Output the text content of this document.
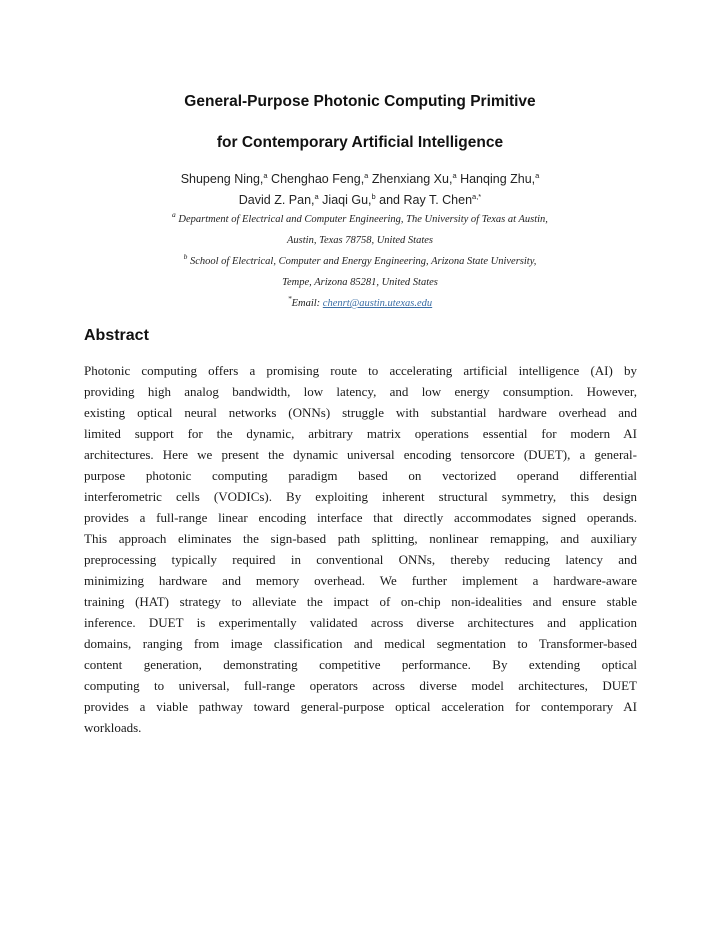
General-Purpose Photonic Computing Primitive
for Contemporary Artificial Intelligence
Shupeng Ning,$^a$ Chenghao Feng,$^a$ Zhenxiang Xu,$^a$ Hanqing Zhu,$^a$
David Z. Pan,$^a$ Jiaqi Gu,$^b$ and Ray T. Chen$^{a,*}$
$^a$ Department of Electrical and Computer Engineering, The University of Texas at Austin,
Austin, Texas 78758, United States
$^b$ School of Electrical, Computer and Energy Engineering, Arizona State University,
Tempe, Arizona 85281, United States
*Email: chenrt@austin.utexas.edu
Abstract
Photonic computing offers a promising route to accelerating artificial intelligence (AI) by
providing high analog bandwidth, low latency, and low energy consumption. However,
existing optical neural networks (ONNs) struggle with substantial hardware overhead and
limited support for the dynamic, arbitrary matrix operations essential for modern AI
architectures. Here we present the dynamic universal encoding tensorcore (DUET), a general-
purpose photonic computing paradigm based on vectorized operand differential
interferometric cells (VODICs). By exploiting inherent structural symmetry, this design
provides a full-range linear encoding interface that directly accommodates signed operands.
This approach eliminates the sign-based path splitting, nonlinear remapping, and auxiliary
preprocessing typically required in conventional ONNs, thereby reducing latency and
minimizing hardware and memory overhead. We further implement a hardware-aware
training (HAT) strategy to alleviate the impact of on-chip non-idealities and ensure stable
inference. DUET is experimentally validated across diverse architectures and application
domains, ranging from image classification and medical segmentation to Transformer-based
content generation, demonstrating competitive performance. By extending optical
computing to universal, full-range operators across diverse model architectures, DUET
provides a viable pathway toward general-purpose optical acceleration for contemporary AI
workloads.
